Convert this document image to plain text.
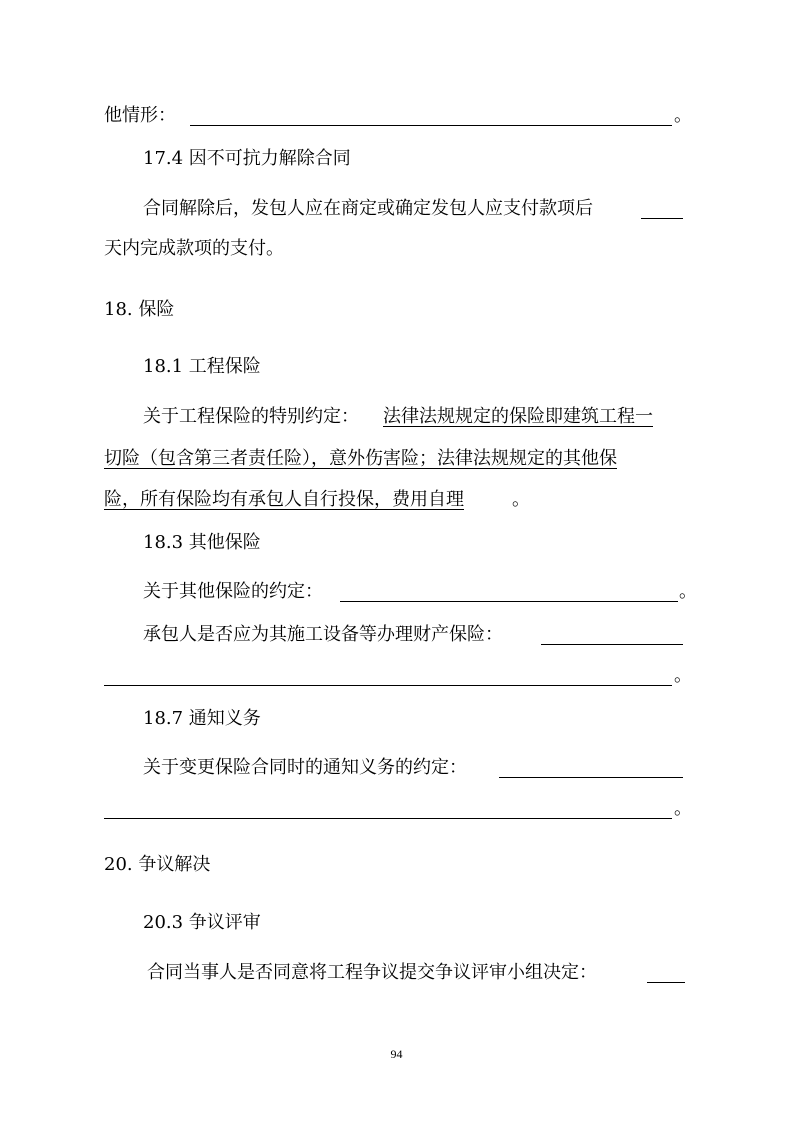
他情形：	。
17.4 因不可抗力解除合同
合同解除后，发包人应在商定或确定发包人应支付款项后
天内完成款项的支付。
18. 保险
18.1 工程保险
关于工程保险的特别约定： 法律法规规定的保险即建筑工程一
切险（包含第三者责任险），意外伤害险；法律法规规定的其他保
险，所有保险均有承包人自行投保，费用自理	。
18.3 其他保险
关于其他保险的约定：	。
承包人是否应为其施工设备等办理财产保险：
。
18.7 通知义务
关于变更保险合同时的通知义务的约定：
。
20. 争议解决
20.3 争议评审
合同当事人是否同意将工程争议提交争议评审小组决定：
94
